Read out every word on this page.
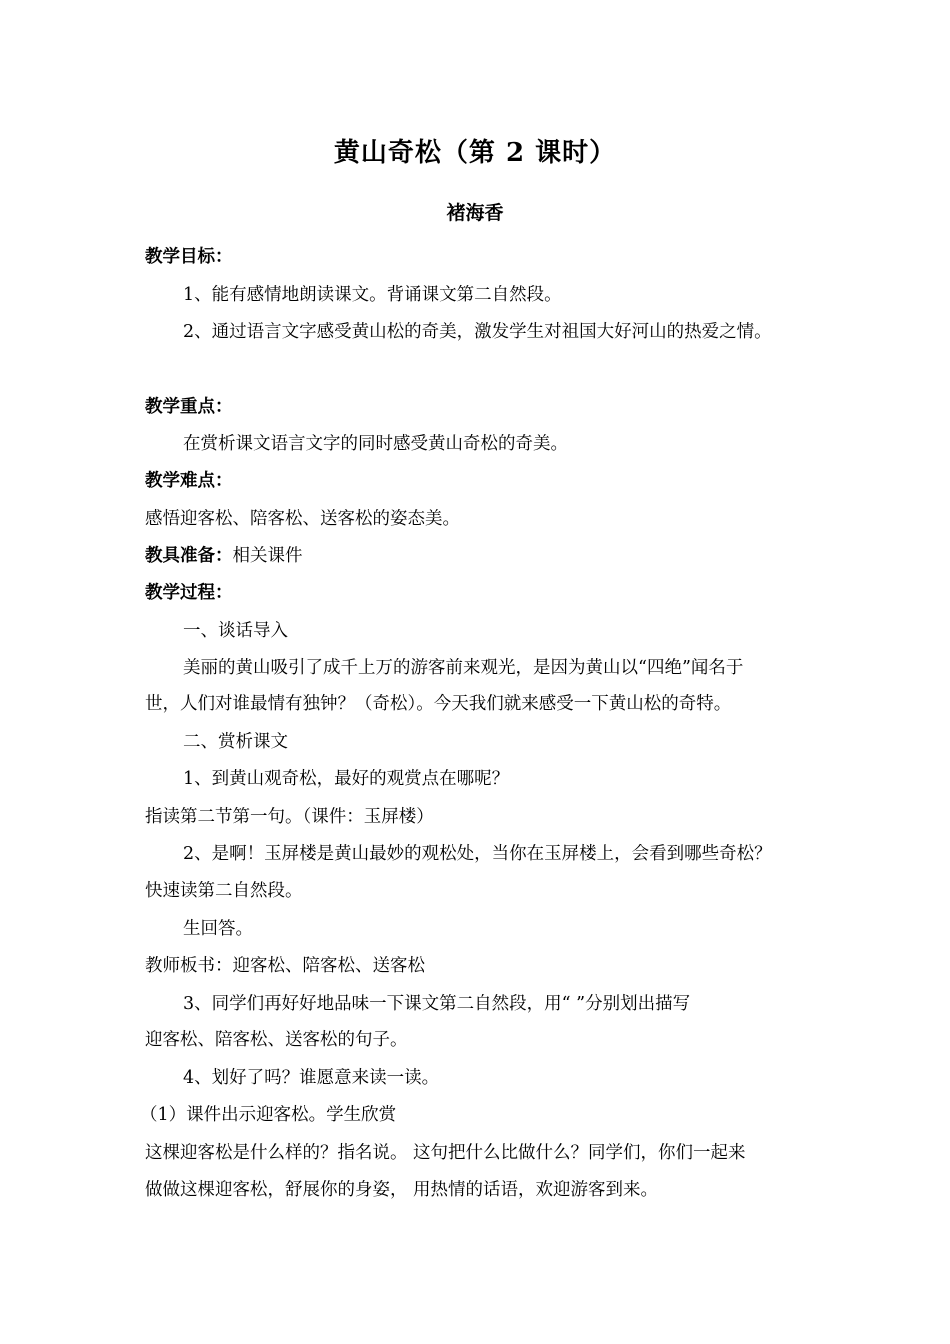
黄山奇松（第 2 课时）
褚海香
教学目标：
1、能有感情地朗读课文。背诵课文第二自然段。
2、通过语言文字感受黄山松的奇美，激发学生对祖国大好河山的热爱之情。
教学重点：
在赏析课文语言文字的同时感受黄山奇松的奇美。
教学难点：
感悟迎客松、陪客松、送客松的姿态美。
教具准备：相关课件
教学过程：
一、谈话导入
美丽的黄山吸引了成千上万的游客前来观光，是因为黄山以“四绝”闻名于
世，人们对谁最情有独钟？（奇松）。今天我们就来感受一下黄山松的奇特。
二、赏析课文
1、到黄山观奇松，最好的观赏点在哪呢？
指读第二节第一句。（课件：玉屏楼）
2、是啊！玉屏楼是黄山最妙的观松处，当你在玉屏楼上，会看到哪些奇松？
快速读第二自然段。
生回答。
教师板书：迎客松、陪客松、送客松
3、同学们再好好地品味一下课文第二自然段，用“ ”分别划出描写
迎客松、陪客松、送客松的句子。
4、划好了吗？谁愿意来读一读。
（1）课件出示迎客松。学生欣赏
这棵迎客松是什么样的？指名说。 这句把什么比做什么？同学们，你们一起来
做做这棵迎客松，舒展你的身姿， 用热情的话语，欢迎游客到来。
